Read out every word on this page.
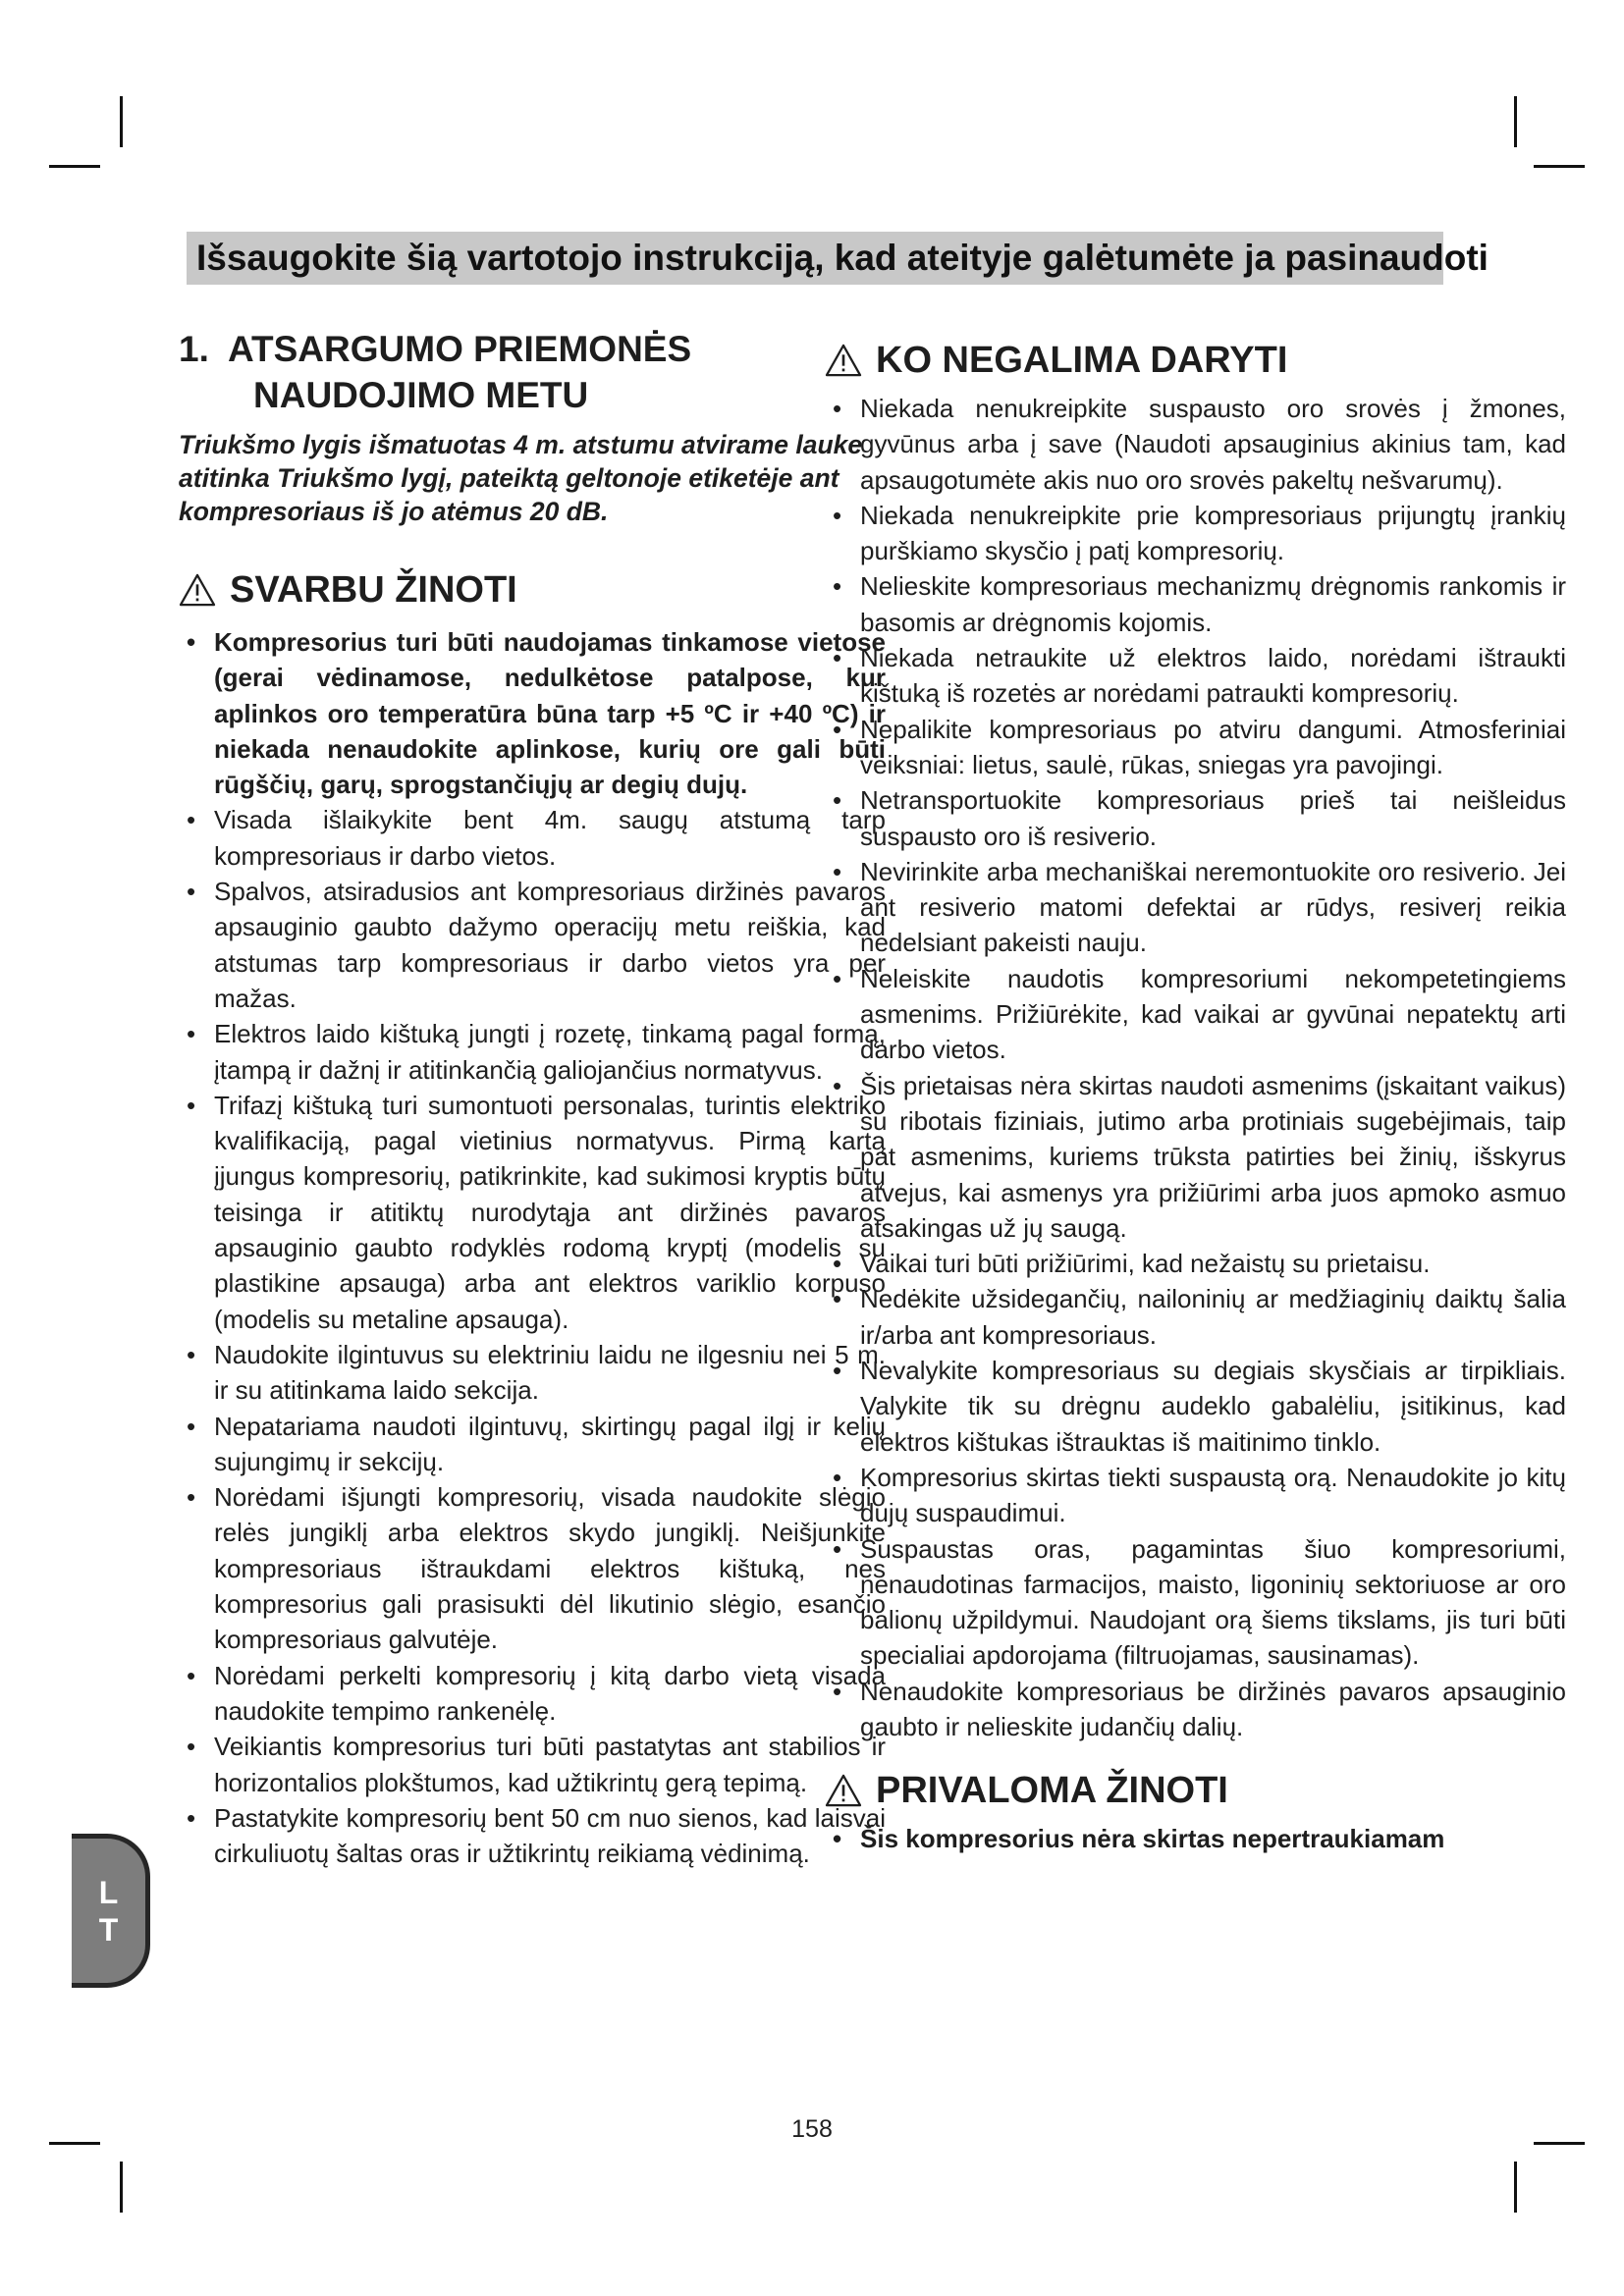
Išsaugokite šią vartotojo instrukciją, kad ateityje galėtumėte ja pasinaudoti
1. ATSARGUMO PRIEMONĖS
NAUDOJIMO METU

Triukšmo lygis išmatuotas 4 m. atstumu atvirame lauke atitinka Triukšmo lygį, pateiktą geltonoje etiketėje ant kompresoriaus iš jo atėmus 20 dB.

SVARBU ŽINOTI
• Kompresorius turi būti naudojamas tinkamose vietose (gerai vėdinamose, nedulkėtose patalpose, kur aplinkos oro temperatūra būna tarp +5 ºC ir +40 ºC) ir niekada nenaudokite aplinkose, kurių ore gali būti rūgščių, garų, sprogstančiųjų ar degių dujų.
• Visada išlaikykite bent 4m. saugų atstumą tarp kompresoriaus ir darbo vietos.
• Spalvos, atsiradusios ant kompresoriaus diržinės pavaros apsauginio gaubto dažymo operacijų metu reiškia, kad atstumas tarp kompresoriaus ir darbo vietos yra per mažas.
• Elektros laido kištuką jungti į rozetę, tinkamą pagal formą, įtampą ir dažnį ir atitinkančią galiojančius normatyvus.
• Trifazį kištuką turi sumontuoti personalas, turintis elektriko kvalifikaciją, pagal vietinius normatyvus. Pirmą kartą įjungus kompresorių, patikrinkite, kad sukimosi kryptis būtų teisinga ir atitiktų nurodytąja ant diržinės pavaros apsauginio gaubto rodyklės rodomą kryptį (modelis su plastikine apsauga) arba ant elektros variklio korpuso (modelis su metaline apsauga).
• Naudokite ilgintuvus su elektriniu laidu ne ilgesniu nei 5 m. ir su atitinkama laido sekcija.
• Nepatariama naudoti ilgintuvų, skirtingų pagal ilgį ir kelių sujungimų ir sekcijų.
• Norėdami išjungti kompresorių, visada naudokite slėgio relės jungiklį arba elektros skydo jungiklį. Neišjunkite kompresoriaus ištraukdami elektros kištuką, nes kompresorius gali prasisukti dėl likutinio slėgio, esančio kompresoriaus galvutėje.
• Norėdami perkelti kompresorių į kitą darbo vietą visada naudokite tempimo rankenėlę.
• Veikiantis kompresorius turi būti pastatytas ant stabilios ir horizontalios plokštumos, kad užtikrintų gerą tepimą.
• Pastatykite kompresorių bent 50 cm nuo sienos, kad laisvai cirkuliuotų šaltas oras ir užtikrintų reikiamą vėdinimą.
KO NEGALIMA DARYTI
• Niekada nenukreipkite suspausto oro srovės į žmones, gyvūnus arba į save (Naudoti apsauginius akinius tam, kad apsaugotumėte akis nuo oro srovės pakeltų nešvarumų).
• Niekada nenukreipkite prie kompresoriaus prijungtų įrankių purškiamo skysčio į patį kompresorių.
• Nelieskite kompresoriaus mechanizmų drėgnomis rankomis ir basomis ar drėgnomis kojomis.
• Niekada netraukite už elektros laido, norėdami ištraukti kištuką iš rozetės ar norėdami patraukti kompresorių.
• Nepalikite kompresoriaus po atviru dangumi. Atmosferiniai veiksniai: lietus, saulė, rūkas, sniegas yra pavojingi.
• Netransportuokite kompresoriaus prieš tai neišleidus suspausto oro iš resiverio.
• Nevirinkite arba mechaniškai neremontuokite oro resiverio. Jei ant resiverio matomi defektai ar rūdys, resiverį reikia nedelsiant pakeisti nauju.
• Neleiskite naudotis kompresoriumi nekompetetingiems asmenims. Prižiūrėkite, kad vaikai ar gyvūnai nepatektų arti darbo vietos.
• Šis prietaisas nėra skirtas naudoti asmenims (įskaitant vaikus) su ribotais fiziniais, jutimo arba protiniais sugebėjimais, taip pat asmenims, kuriems trūksta patirties bei žinių, išskyrus atvejus, kai asmenys yra prižiūrimi arba juos apmoko asmuo atsakingas už jų saugą.
• Vaikai turi būti prižiūrimi, kad nežaistų su prietaisu.
• Nedėkite užsidegančių, nailoninių ar medžiaginių daiktų šalia ir/arba ant kompresoriaus.
• Nevalykite kompresoriaus su degiais skysčiais ar tirpikliais. Valykite tik su drėgnu audeklo gabalėliu, įsitikinus, kad elektros kištukas ištrauktas iš maitinimo tinklo.
• Kompresorius skirtas tiekti suspaustą orą. Nenaudokite jo kitų dujų suspaudimui.
• Suspaustas oras, pagamintas šiuo kompresoriumi, nenaudotinas farmacijos, maisto, ligoninių sektoriuose ar oro balionų užpildymui. Naudojant orą šiems tikslams, jis turi būti specialiai apdorojama (filtruojamas, sausinamas).
• Nenaudokite kompresoriaus be diržinės pavaros apsauginio gaubto ir nelieskite judančių dalių.
PRIVALOMA ŽINOTI
• Šis kompresorius nėra skirtas nepertraukiamam
158
L
T
